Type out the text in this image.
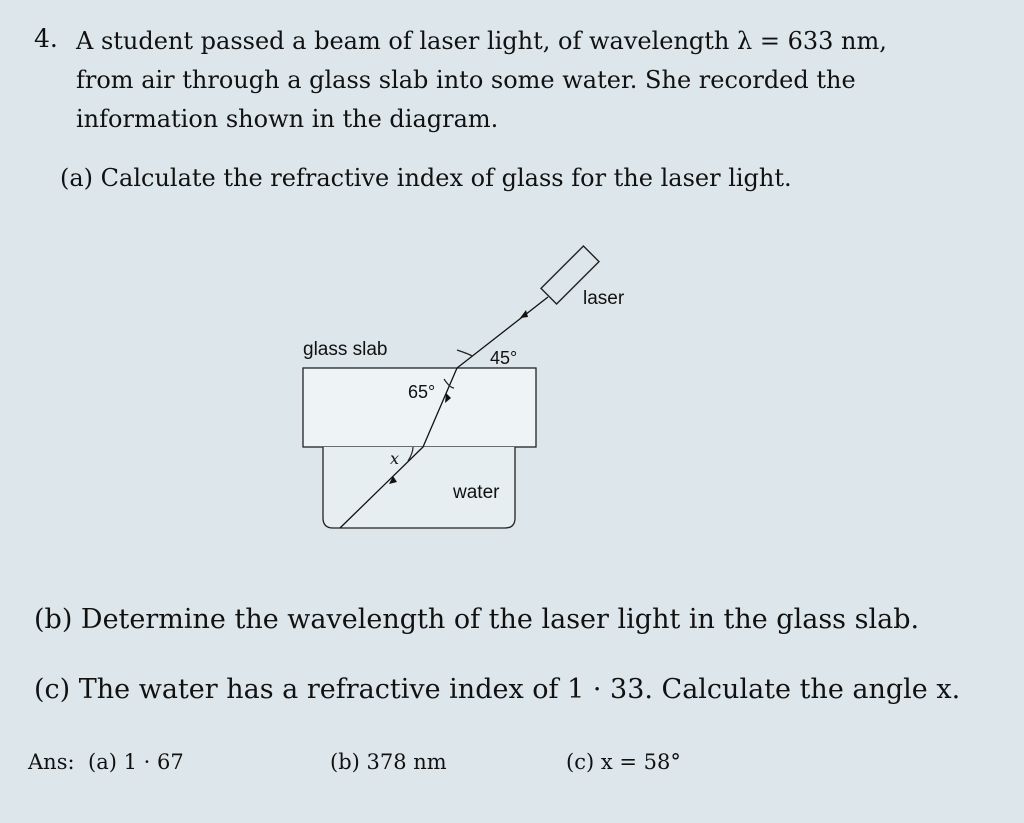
4. A student passed a beam of laser light, of wavelength λ = 633 nm,
from air through a glass slab into some water. She recorded the
information shown in the diagram.
(a) Calculate the refractive index of glass for the laser light.
laser
glass slab
water
45°
65°
x
(b) Determine the wavelength of the laser light in the glass slab.
(c) The water has a refractive index of 1 · 33. Calculate the angle x.
Ans: (a) 1 · 67	(b) 378 nm	(c) x = 58°
